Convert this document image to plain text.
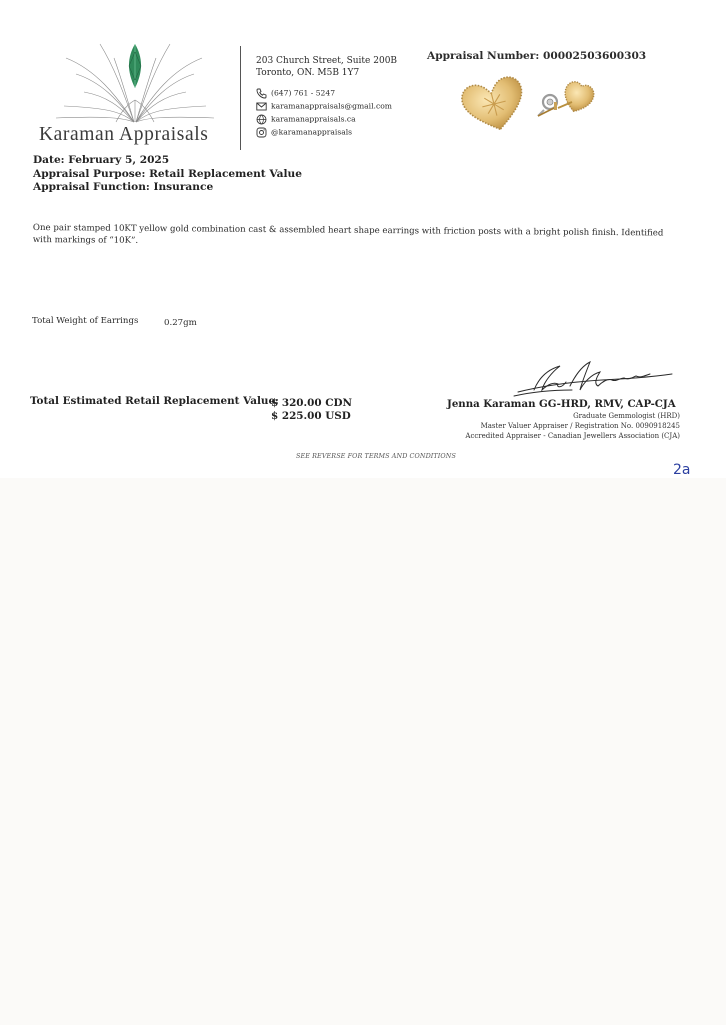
Karaman Appraisals
203 Church Street, Suite 200B
Toronto, ON. M5B 1Y7
(647) 761 - 5247
karamanappraisals@gmail.com
karamanappraisals.ca
@karamanappraisals
Appraisal Number: 00002503600303
Date: February 5, 2025
Appraisal Purpose: Retail Replacement Value
Appraisal Function: Insurance
One pair stamped 10KT yellow gold combination cast & assembled heart shape earrings with friction posts with a bright polish finish. Identified with markings of “10K”.
Total Weight of Earrings	0.27gm
Total Estimated Retail Replacement Value:
$ 320.00 CDN
$ 225.00 USD
Jenna Karaman GG-HRD, RMV, CAP-CJA
Graduate Gemmologist (HRD)
Master Valuer Appraiser / Registration No. 0090918245
Accredited Appraiser - Canadian Jewellers Association (CJA)
SEE REVERSE FOR TERMS AND CONDITIONS
2a
